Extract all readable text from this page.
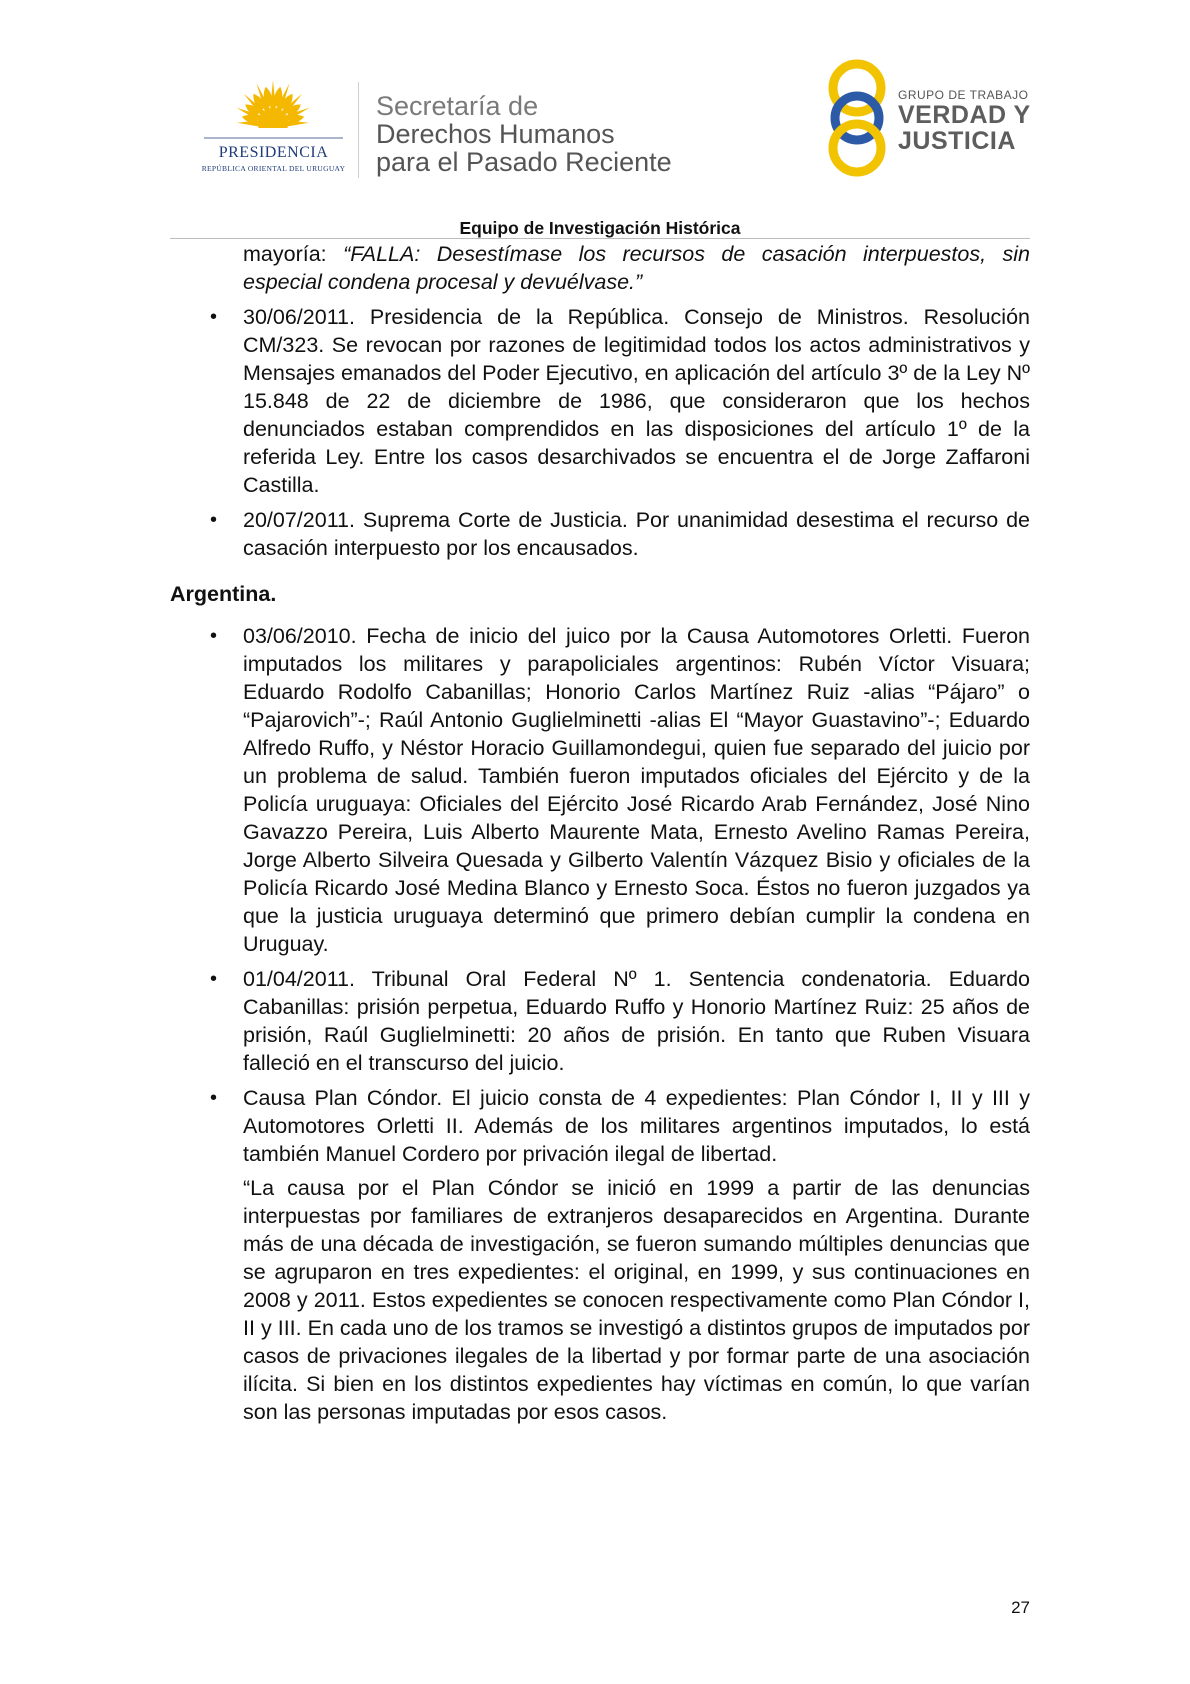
PRESIDENCIA
REPÚBLICA ORIENTAL DEL URUGUAY
Secretaría de
Derechos Humanos
para el Pasado Reciente
GRUPO DE TRABAJO
VERDAD Y
JUSTICIA
Equipo de Investigación Histórica

mayoría: “FALLA: Desestímase los recursos de casación interpuestos, sin especial condena procesal y devuélvase.”

• 30/06/2011. Presidencia de la República. Consejo de Ministros. Resolución CM/323. Se revocan por razones de legitimidad todos los actos administrativos y Mensajes emanados del Poder Ejecutivo, en aplicación del artículo 3º de la Ley Nº 15.848 de 22 de diciembre de 1986, que consideraron que los hechos denunciados estaban comprendidos en las disposiciones del artículo 1º de la referida Ley. Entre los casos desarchivados se encuentra el de Jorge Zaffaroni Castilla.
• 20/07/2011. Suprema Corte de Justicia. Por unanimidad desestima el recurso de casación interpuesto por los encausados.
Argentina.
• 03/06/2010. Fecha de inicio del juico por la Causa Automotores Orletti. Fueron imputados los militares y parapoliciales argentinos: Rubén Víctor Visuara; Eduardo Rodolfo Cabanillas; Honorio Carlos Martínez Ruiz -alias “Pájaro” o “Pajarovich”-; Raúl Antonio Guglielminetti -alias El “Mayor Guastavino”-; Eduardo Alfredo Ruffo, y Néstor Horacio Guillamondegui, quien fue separado del juicio por un problema de salud. También fueron imputados oficiales del Ejército y de la Policía uruguaya: Oficiales del Ejército José Ricardo Arab Fernández, José Nino Gavazzo Pereira, Luis Alberto Maurente Mata, Ernesto Avelino Ramas Pereira, Jorge Alberto Silveira Quesada y Gilberto Valentín Vázquez Bisio y oficiales de la Policía Ricardo José Medina Blanco y Ernesto Soca. Éstos no fueron juzgados ya que la justicia uruguaya determinó que primero debían cumplir la condena en Uruguay.
• 01/04/2011. Tribunal Oral Federal Nº 1. Sentencia condenatoria. Eduardo Cabanillas: prisión perpetua, Eduardo Ruffo y Honorio Martínez Ruiz: 25 años de prisión, Raúl Guglielminetti: 20 años de prisión. En tanto que Ruben Visuara falleció en el transcurso del juicio.
• Causa Plan Cóndor. El juicio consta de 4 expedientes: Plan Cóndor I, II y III y Automotores Orletti II. Además de los militares argentinos imputados, lo está también Manuel Cordero por privación ilegal de libertad.
“La causa por el Plan Cóndor se inició en 1999 a partir de las denuncias interpuestas por familiares de extranjeros desaparecidos en Argentina. Durante más de una década de investigación, se fueron sumando múltiples denuncias que se agruparon en tres expedientes: el original, en 1999, y sus continuaciones en 2008 y 2011. Estos expedientes se conocen respectivamente como Plan Cóndor I, II y III. En cada uno de los tramos se investigó a distintos grupos de imputados por casos de privaciones ilegales de la libertad y por formar parte de una asociación ilícita. Si bien en los distintos expedientes hay víctimas en común, lo que varían son las personas imputadas por esos casos.
27
